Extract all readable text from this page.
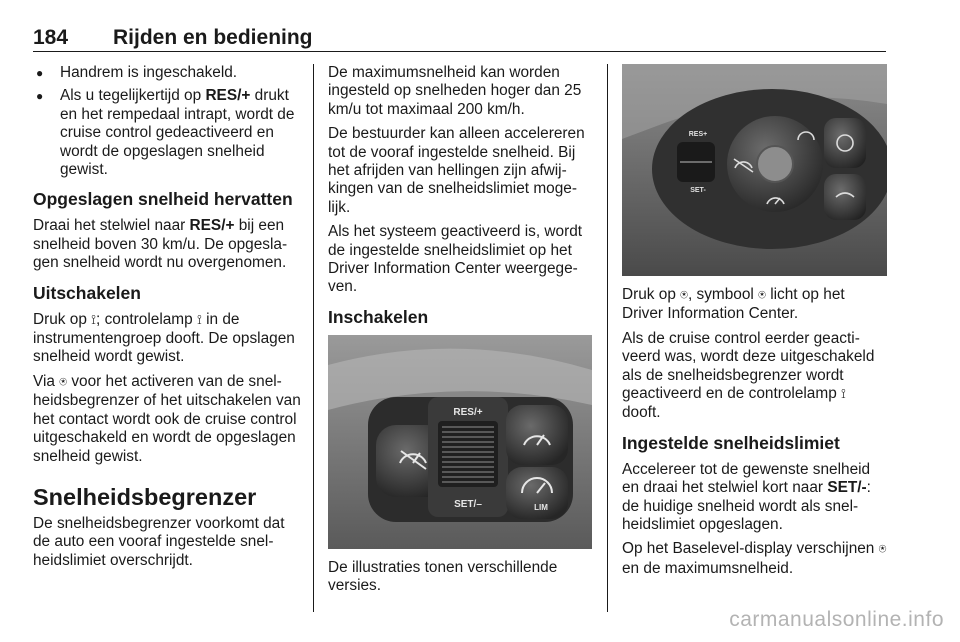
184 Rijden en bediening
● Handrem is ingeschakeld.
● Als u tegelijkertijd op RES/+ drukt en het rempedaal intrapt, wordt de cruise control gedeactiveerd en wordt de opgeslagen snelheid gewist.
Opgeslagen snelheid hervatten

Draai het stelwiel naar RES/+ bij een snelheid boven 30 km/u. De opgeslagen snelheid wordt nu overgenomen.

Uitschakelen

Druk op ⟟; controlelamp ⟟ in de instrumentengroep dooft. De opslagen snelheid wordt gewist.

Via ⍟ voor het activeren van de snelheidsbegrenzer of het uitschakelen van het contact wordt ook de cruise control uitgeschakeld en wordt de opgeslagen snelheid gewist.

Snelheidsbegrenzer

De snelheidsbegrenzer voorkomt dat de auto een vooraf ingestelde snelheidslimiet overschrijdt.

De maximumsnelheid kan worden ingesteld op snelheden hoger dan 25 km/u tot maximaal 200 km/h.

De bestuurder kan alleen accelereren tot de vooraf ingestelde snelheid. Bij het afrijden van hellingen zijn afwijkingen van de snelheidslimiet mogelijk.

Als het systeem geactiveerd is, wordt de ingestelde snelheidslimiet op het Driver Information Center weergegeven.

Inschakelen
RES/+
SET/–	LIM

De illustraties tonen verschillende versies.

RES+
SET-

Druk op ⍟, symbool ⍟ licht op het Driver Information Center.

Als de cruise control eerder geactiveerd was, wordt deze uitgeschakeld als de snelheidsbegrenzer wordt geactiveerd en de controlelamp ⟟ dooft.

Ingestelde snelheidslimiet

Accelereer tot de gewenste snelheid en draai het stelwiel kort naar SET/-: de huidige snelheid wordt als snelheidslimiet opgeslagen.

Op het Baselevel-display verschijnen ⍟ en de maximumsnelheid.

carmanualsonline.info
